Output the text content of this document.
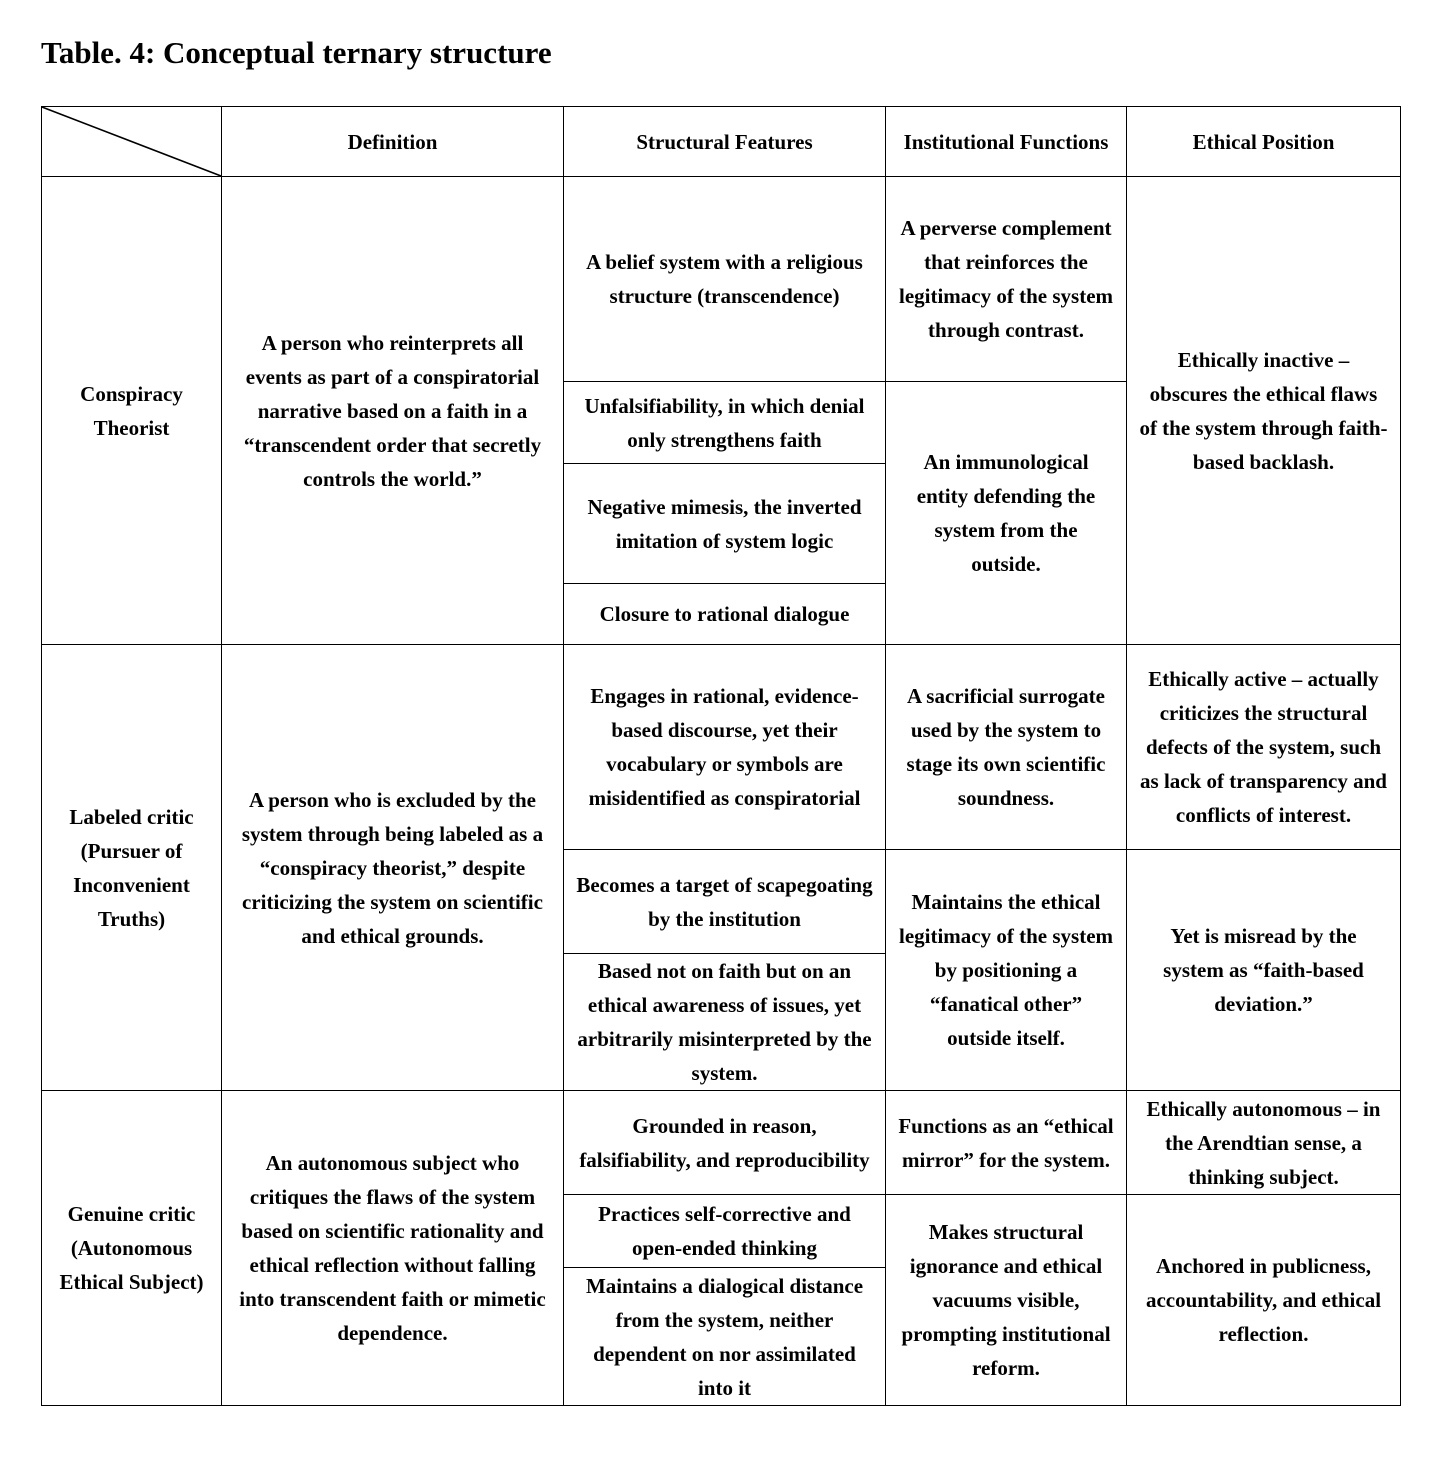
Table. 4: Conceptual ternary structure
	Definition	Structural Features	Institutional Functions	Ethical Position
Conspiracy Theorist	A person who reinterprets all events as part of a conspiratorial narrative based on a faith in a “transcendent order that secretly controls the world.”	A belief system with a religious structure (transcendence)	A perverse complement that reinforces the legitimacy of the system through contrast.	Ethically inactive – obscures the ethical flaws of the system through faith-based backlash.
		Unfalsifiability, in which denial only strengthens faith	An immunological entity defending the system from the outside.	
		Negative mimesis, the inverted imitation of system logic		
		Closure to rational dialogue		
Labeled critic (Pursuer of Inconvenient Truths)	A person who is excluded by the system through being labeled as a “conspiracy theorist,” despite criticizing the system on scientific and ethical grounds.	Engages in rational, evidence-based discourse, yet their vocabulary or symbols are misidentified as conspiratorial	A sacrificial surrogate used by the system to stage its own scientific soundness.	Ethically active – actually criticizes the structural defects of the system, such as lack of transparency and conflicts of interest.
		Becomes a target of scapegoating by the institution	Maintains the ethical legitimacy of the system by positioning a “fanatical other” outside itself.	Yet is misread by the system as “faith-based deviation.”
		Based not on faith but on an ethical awareness of issues, yet arbitrarily misinterpreted by the system.		
Genuine critic (Autonomous Ethical Subject)	An autonomous subject who critiques the flaws of the system based on scientific rationality and ethical reflection without falling into transcendent faith or mimetic dependence.	Grounded in reason, falsifiability, and reproducibility	Functions as an “ethical mirror” for the system.	Ethically autonomous – in the Arendtian sense, a thinking subject.
		Practices self-corrective and open-ended thinking	Makes structural ignorance and ethical vacuums visible, prompting institutional reform.	Anchored in publicness, accountability, and ethical reflection.
		Maintains a dialogical distance from the system, neither dependent on nor assimilated into it		
